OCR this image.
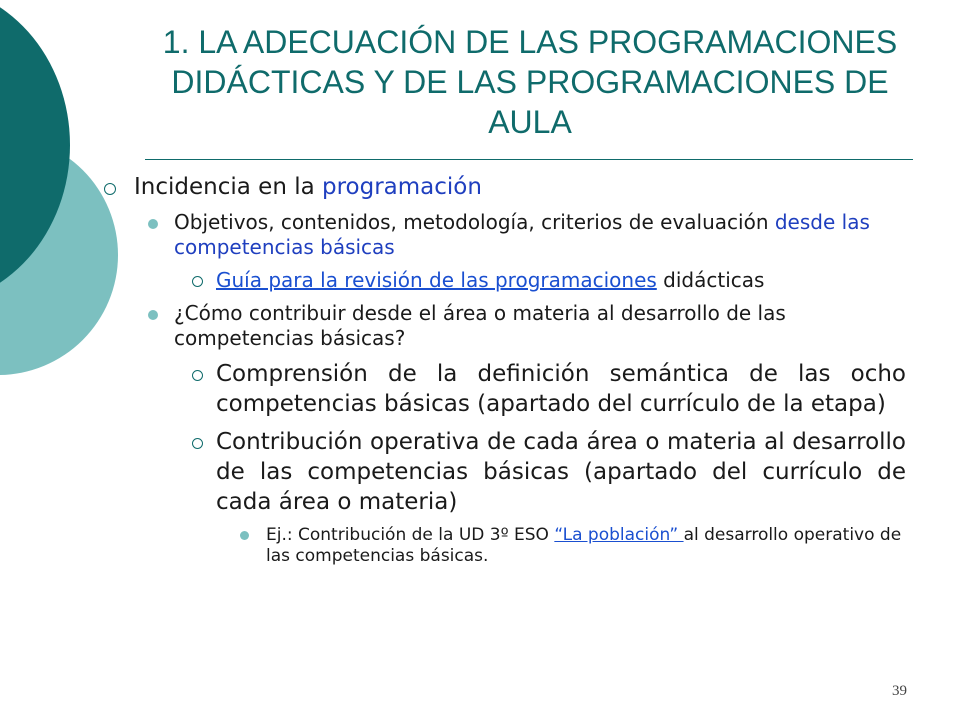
1. LA ADECUACIÓN DE LAS PROGRAMACIONES DIDÁCTICAS Y DE LAS PROGRAMACIONES DE AULA
Incidencia en la programación
Objetivos, contenidos, metodología, criterios de evaluación desde las competencias básicas
Guía para la revisión de las programaciones didácticas
¿Cómo contribuir desde el área o materia al desarrollo de las competencias básicas?
Comprensión de la definición semántica de las ocho competencias básicas (apartado del currículo de la etapa)
Contribución operativa de cada área o materia al desarrollo de las competencias básicas (apartado del currículo de cada área o materia)
Ej.: Contribución de la UD 3º ESO “La población” al desarrollo operativo de las competencias básicas.
39
